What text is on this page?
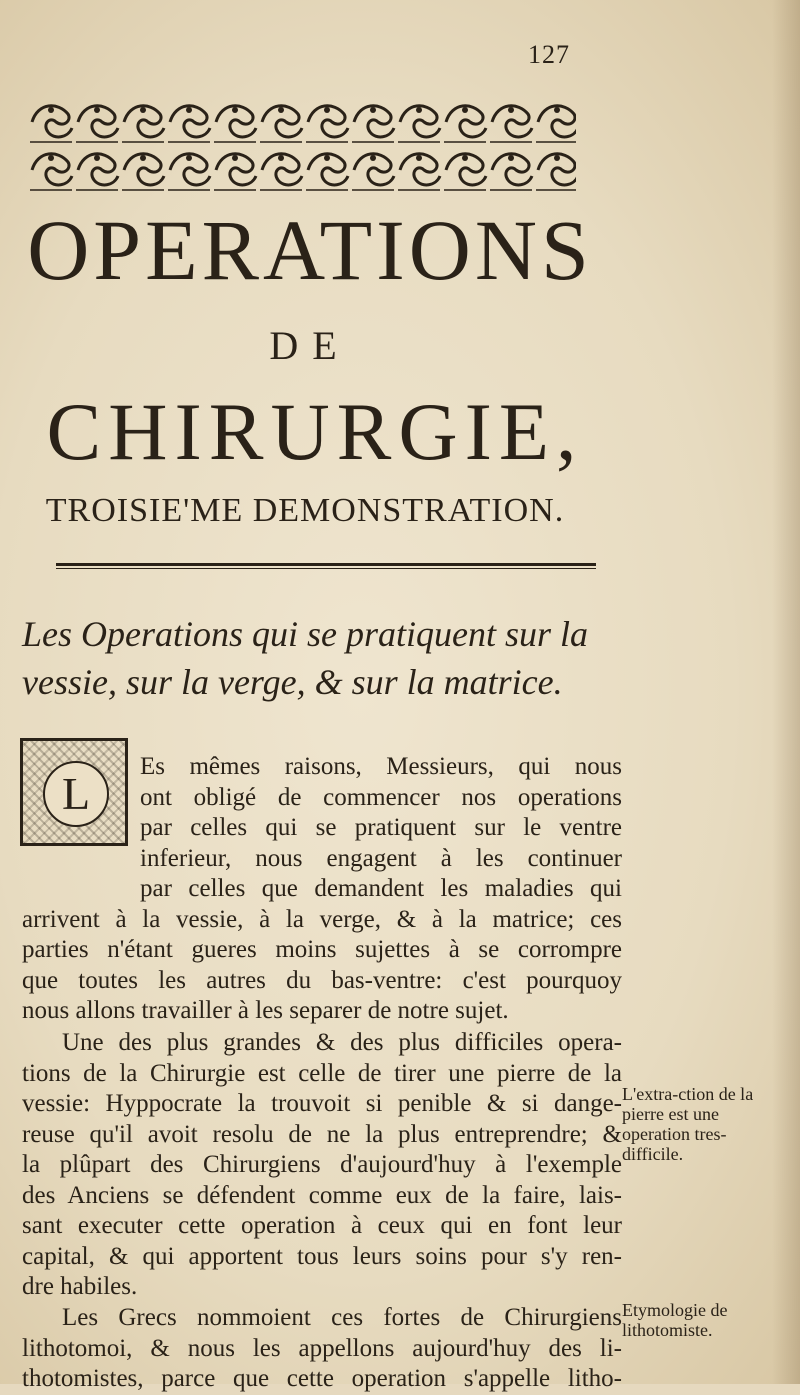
127
OPERATIONS
DE
CHIRURGIE,
TROISIE'ME DEMONSTRATION.
Les Operations qui se pratiquent sur la vessie, sur la verge, & sur la matrice.
L
Es mêmes raisons, Messieurs, qui nous
ont obligé de commencer nos operations
par celles qui se pratiquent sur le ventre
inferieur, nous engagent à les continuer
par celles que demandent les maladies qui
arrivent à la vessie, à la verge, & à la matrice; ces
parties n'étant gueres moins sujettes à se corrompre
que toutes les autres du bas-ventre: c'est pourquoy
nous allons travailler à les separer de notre sujet.
Une des plus grandes & des plus difficiles opera-
tions de la Chirurgie est celle de tirer une pierre de la
vessie: Hyppocrate la trouvoit si penible & si dange-
reuse qu'il avoit resolu de ne la plus entreprendre; &
la plûpart des Chirurgiens d'aujourd'huy à l'exemple
des Anciens se défendent comme eux de la faire, lais-
sant executer cette operation à ceux qui en font leur
capital, & qui apportent tous leurs soins pour s'y ren-
dre habiles.
Les Grecs nommoient ces fortes de Chirurgiens
lithotomoi, & nous les appellons aujourd'huy des li-
thotomistes, parce que cette operation s'appelle litho-
L'extra-ction de la pierre est une operation tres-difficile.
Etymologie de lithotomiste.
